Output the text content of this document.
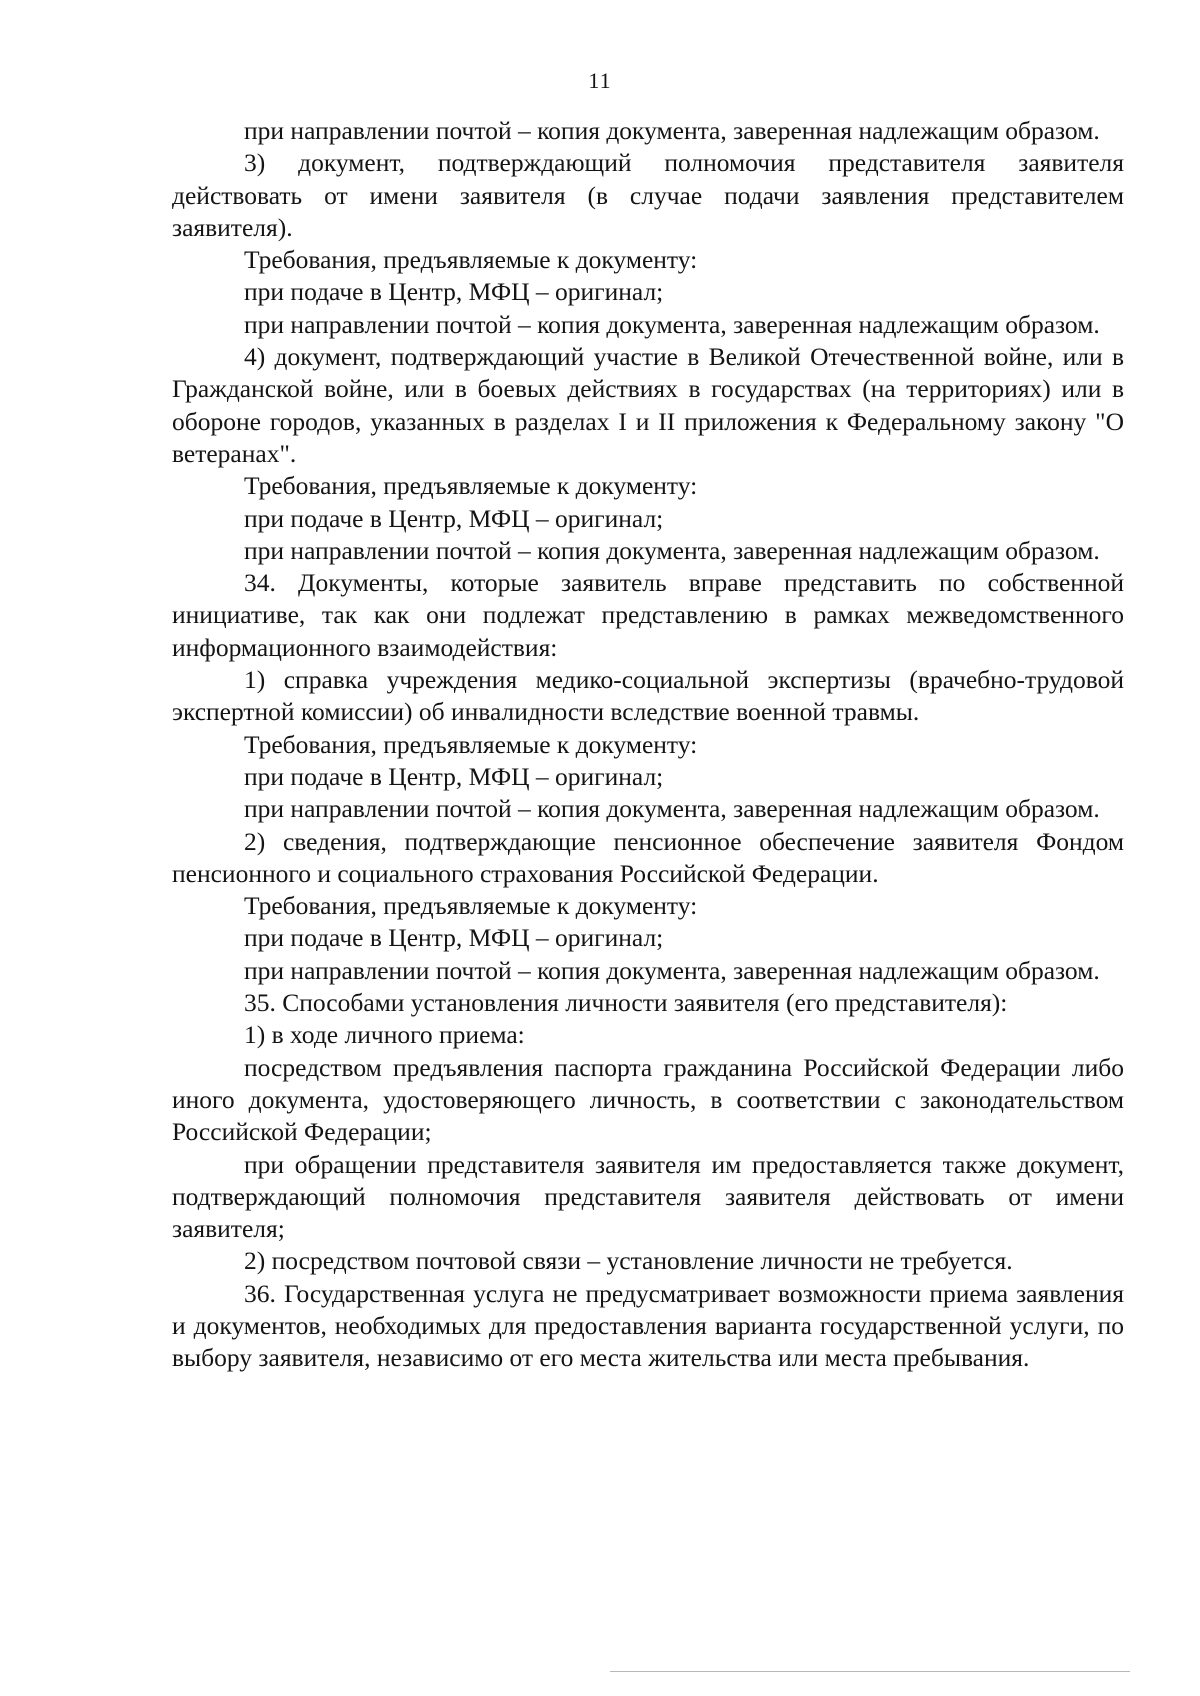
11

при направлении почтой – копия документа, заверенная надлежащим образом.

3) документ, подтверждающий полномочия представителя заявителя действовать от имени заявителя (в случае подачи заявления представителем заявителя).

Требования, предъявляемые к документу:

при подаче в Центр, МФЦ – оригинал;

при направлении почтой – копия документа, заверенная надлежащим образом.

4) документ, подтверждающий участие в Великой Отечественной войне, или в Гражданской войне, или в боевых действиях в государствах (на территориях) или в обороне городов, указанных в разделах I и II приложения к Федеральному закону "О ветеранах".

Требования, предъявляемые к документу:

при подаче в Центр, МФЦ – оригинал;

при направлении почтой – копия документа, заверенная надлежащим образом.

34. Документы, которые заявитель вправе представить по собственной инициативе, так как они подлежат представлению в рамках межведомственного информационного взаимодействия:

1) справка учреждения медико-социальной экспертизы (врачебно-трудовой экспертной комиссии) об инвалидности вследствие военной травмы.

Требования, предъявляемые к документу:

при подаче в Центр, МФЦ – оригинал;

при направлении почтой – копия документа, заверенная надлежащим образом.

2) сведения, подтверждающие пенсионное обеспечение заявителя Фондом пенсионного и социального страхования Российской Федерации.

Требования, предъявляемые к документу:

при подаче в Центр, МФЦ – оригинал;

при направлении почтой – копия документа, заверенная надлежащим образом.

35. Способами установления личности заявителя (его представителя):

1) в ходе личного приема:

посредством предъявления паспорта гражданина Российской Федерации либо иного документа, удостоверяющего личность, в соответствии с законодательством Российской Федерации;

при обращении представителя заявителя им предоставляется также документ, подтверждающий полномочия представителя заявителя действовать от имени заявителя;

2) посредством почтовой связи – установление личности не требуется.

36. Государственная услуга не предусматривает возможности приема заявления и документов, необходимых для предоставления варианта государственной услуги, по выбору заявителя, независимо от его места жительства или места пребывания.
